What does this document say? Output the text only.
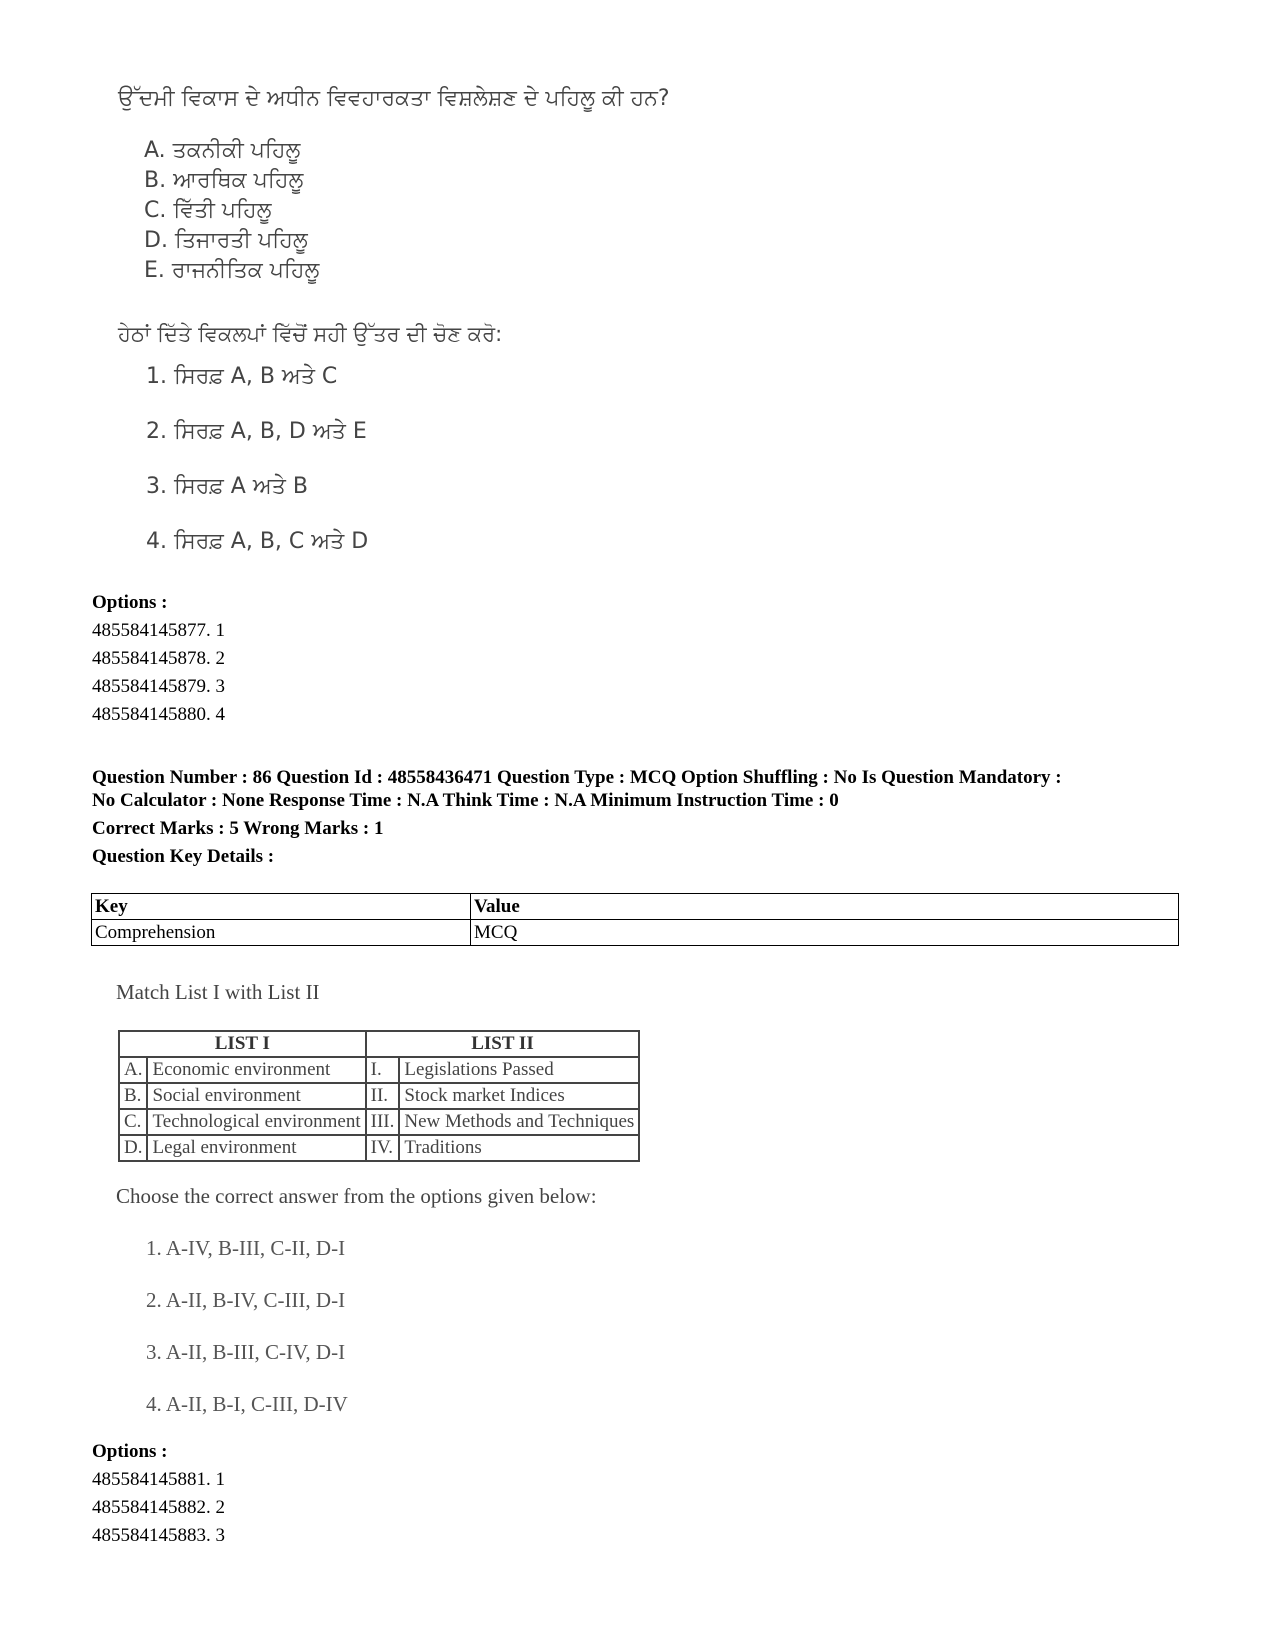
ਉੱਦਮੀ ਵਿਕਾਸ ਦੇ ਅਧੀਨ ਵਿਵਹਾਰਕਤਾ ਵਿਸ਼ਲੇਸ਼ਣ ਦੇ ਪਹਿਲੂ ਕੀ ਹਨ?
A. ਤਕਨੀਕੀ ਪਹਿਲੂ
B. ਆਰਥਿਕ ਪਹਿਲੂ
C. ਵਿੱਤੀ ਪਹਿਲੂ
D. ਤਿਜਾਰਤੀ ਪਹਿਲੂ
E. ਰਾਜਨੀਤਿਕ ਪਹਿਲੂ
ਹੇਠਾਂ ਦਿੱਤੇ ਵਿਕਲਪਾਂ ਵਿੱਚੋਂ ਸਹੀ ਉੱਤਰ ਦੀ ਚੋਣ ਕਰੋ:
1. ਸਿਰਫ਼ A, B ਅਤੇ C
2. ਸਿਰਫ਼ A, B, D ਅਤੇ E
3. ਸਿਰਫ਼ A ਅਤੇ B
4. ਸਿਰਫ਼ A, B, C ਅਤੇ D
Options :
485584145877. 1
485584145878. 2
485584145879. 3
485584145880. 4
Question Number : 86 Question Id : 48558436471 Question Type : MCQ Option Shuffling : No Is Question Mandatory :
No Calculator : None Response Time : N.A Think Time : N.A Minimum Instruction Time : 0
Correct Marks : 5 Wrong Marks : 1
Question Key Details :
Key	Value
Comprehension	MCQ
Match List I with List II
LIST I		LIST II	
A.	Economic environment	I.	Legislations Passed
B.	Social environment	II.	Stock market Indices
C.	Technological environment	III.	New Methods and Techniques
D.	Legal environment	IV.	Traditions
Choose the correct answer from the options given below:
1. A-IV, B-III, C-II, D-I
2. A-II, B-IV, C-III, D-I
3. A-II, B-III, C-IV, D-I
4. A-II, B-I, C-III, D-IV
Options :
485584145881. 1
485584145882. 2
485584145883. 3
